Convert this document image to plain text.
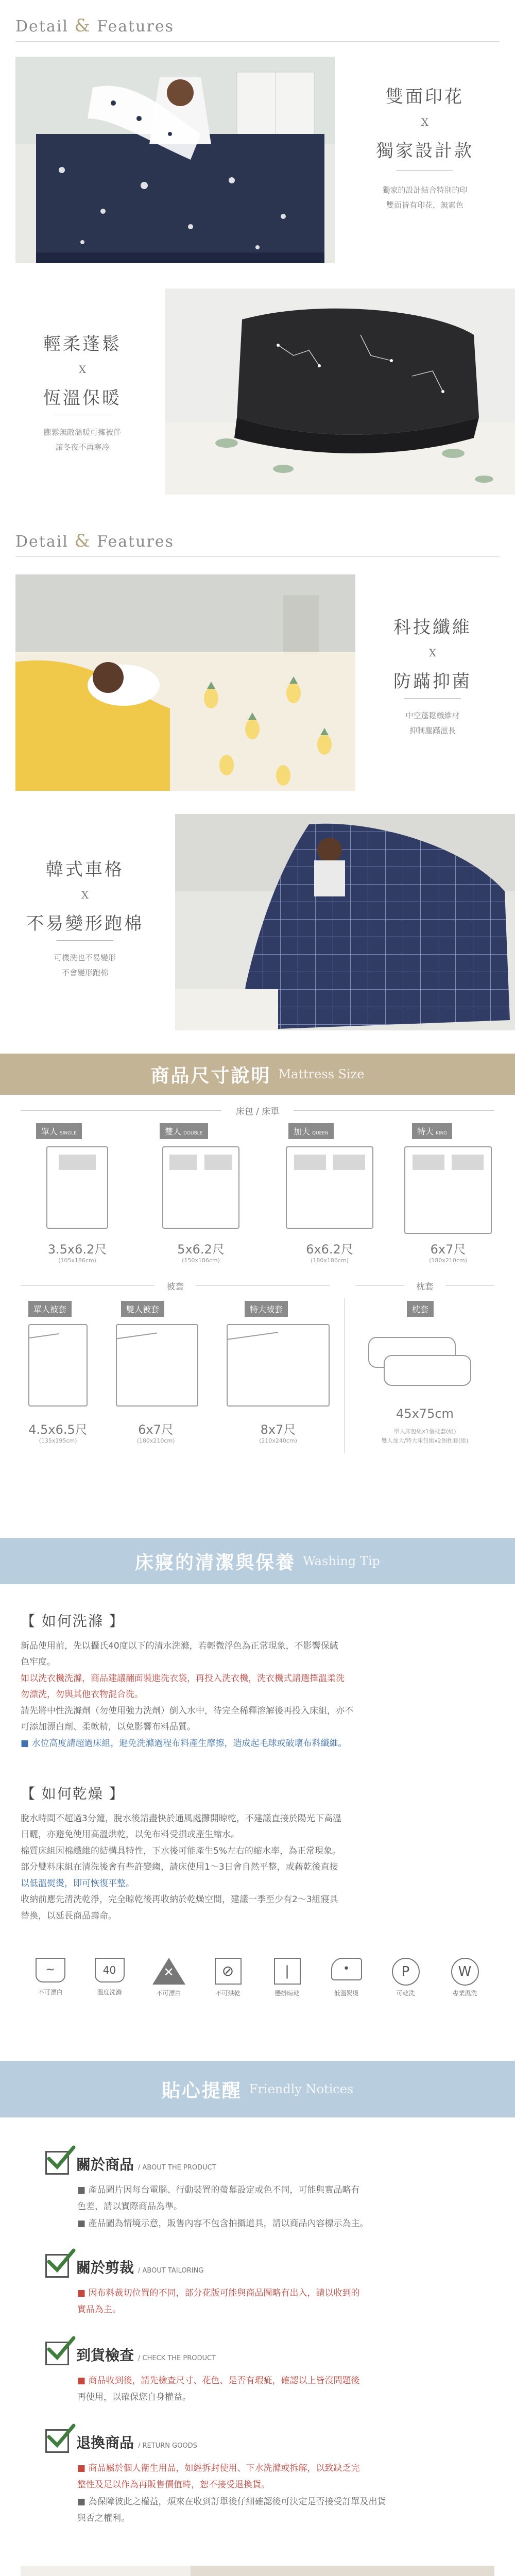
Detail & Features
雙面印花
X
獨家設計款
獨家的設計結合特別的印
雙面皆有印花，無素色
輕柔蓬鬆
X
恆溫保暖
膨鬆無敵溫暖可擁被伴
讓冬夜不再寒冷
Detail & Features
科技纖維
X
防蹣抑菌
中空蓬鬆纖維材
抑制塵蹣滋長
韓式車格
X
不易變形跑棉
可機洗也不易變形
不會變形跑棉
商品尺寸說明 Mattress Size
床包 / 床單
單人 SINGLE
3.5x6.2尺
(105x186cm)
雙人 DOUBLE
5x6.2尺
(150x186cm)
加大 QUEEN
6x6.2尺
(180x186cm)
特大 KING
6x7尺
(180x210cm)
被套	枕套
單人被套
4.5x6.5尺
(135x195cm)
雙人被套
6x7尺
(180x210cm)
特大被套
8x7尺
(210x240cm)
枕套
45x75cm
單人床包組x1個枕套(組)
雙人加大/特大床包組x2個枕套(組)
床寢的清潔與保養 Washing Tip
【 如何洗滌 】
新品使用前，先以攝氏40度以下的清水洗滌，若輕微浮色為正常現象，不影響保緘
色牢度。
如以洗衣機洗滌，商品建議翻面裝進洗衣袋，再投入洗衣機，洗衣機式請選擇溫柔洗
勿漂洗，勿與其他衣物混合洗。
請先將中性洗滌劑（勿使用強力洗劑）倒入水中，待完全稀釋溶解後再投入床組，亦不
可添加漂白劑、柔軟精，以免影響布料品質。
■ 水位高度請超過床組，避免洗滌過程布料產生摩擦，造成起毛球或破壞布料纖維。
【 如何乾燥 】
脫水時間不超過3分鐘，脫水後請盡快於通風處攤開晾乾，不建議直接於陽光下高溫
日曬，亦避免使用高溫烘乾，以免布料受損或產生縮水。
棉質床組因棉纖維的結構具特性，下水後可能產生5%左右的縮水率，為正常現象。
部分雙料床組在清洗後會有些許變縐，請床使用1～3日會自然平整，或藉乾後直接
以低溫熨燙，即可恢復平整。
收納前應先清洗乾淨，完全晾乾後再收納於乾燥空間，建議一季至少有2～3組寢具
替換，以延長商品壽命。
~
不可漂白
40
溫度洗滌
✕
不可漂白
⊘
不可烘乾
|
懸掛晾乾
•
低溫熨燙
P
可乾洗
W
專業濕洗
貼心提醒 Friendly Notices
關於商品 / ABOUT THE PRODUCT
■ 產品圖片因每台電腦、行動裝置的螢幕設定或色不同，可能與實品略有
色差，請以實際商品為準。
■ 產品圖為情境示意，販售內容不包含拍攝道具，請以商品內容標示為主。
關於剪裁 / ABOUT TAILORING
■ 因布料裁切位置的不同，部分花版可能與商品圖略有出入，請以收到的
實品為主。
到貨檢查 / CHECK THE PRODUCT
■ 商品收到後，請先檢查尺寸、花色、是否有瑕疵，確認以上皆沒問題後
再使用，以確保您自身權益。
退換商品 / RETURN GOODS
■ 商品屬於個人衛生用品，如經拆封使用、下水洗滌或拆解，以致缺乏完
整性及足以作為再販售價值時，恕不接受退換貨。
■ 為保障彼此之權益，煩來在收到訂單後仔細確認後可決定是否接受訂單及出貨
與否之權利。
